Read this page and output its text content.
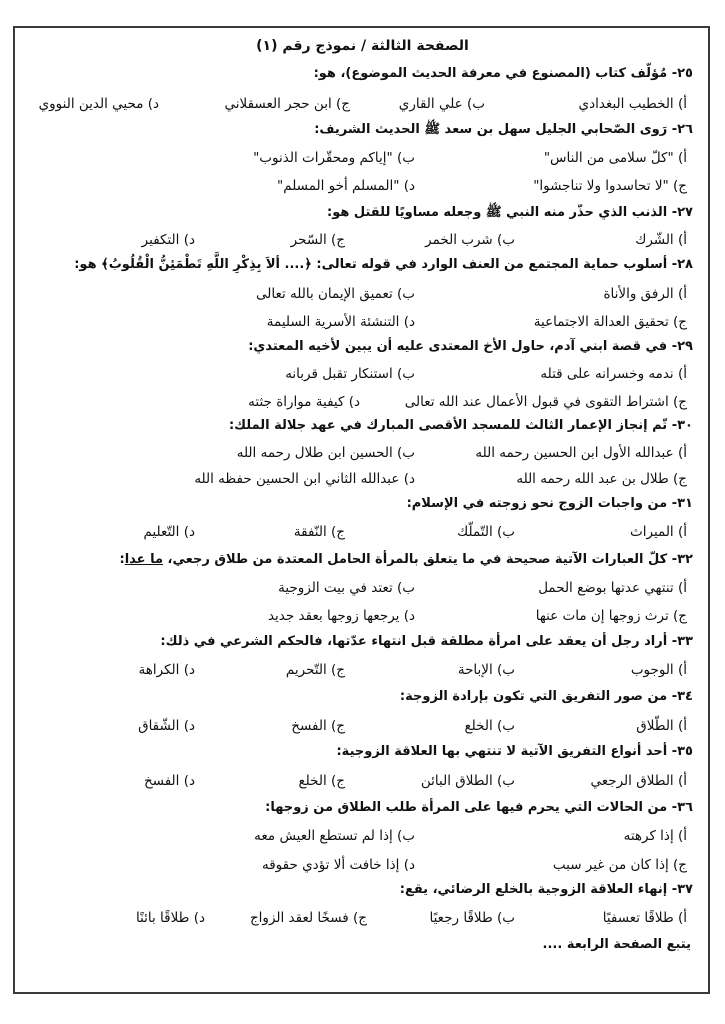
الصفحة الثالثة / نموذج رقم (١)
٢٥- مُؤلّف كتاب (المصنوع في معرفة الحديث الموضوع)، هو:
أ) الخطيب البغدادي
ب) علي القاري
ج) ابن حجر العسقلاني
د) محيي الدين النووي
٢٦- رَوى الصّحابي الجليل سهل بن سعد ﷺ الحديث الشريف:
أ) "كلّ سلامى من الناس"
ب) "إياكم ومحقّرات الذنوب"
ج) "لا تحاسدوا ولا تناجشوا"
د) "المسلم أخو المسلم"
٢٧- الذنب الذي حذّر منه النبي ﷺ وجعله مساويًا للقتل هو:
أ) الشّرك
ب) شرب الخمر
ج) السّحر
د) التكفير
٢٨- أسلوب حماية المجتمع من العنف الوارد في قوله تعالى: ﴿.... ألاَ بِذِكْرِ اللَّهِ تَطْمَئِنُّ الْقُلُوبُ﴾ هو:
أ) الرفق والأناة
ب) تعميق الإيمان بالله تعالى
ج) تحقيق العدالة الاجتماعية
د) التنشئة الأسرية السليمة
٢٩- في قصة ابني آدم، حاول الأخ المعتدى عليه أن يبين لأخيه المعتدي:
أ) ندمه وخسرانه على قتله
ب) استنكار تقبل قربانه
ج) اشتراط التقوى في قبول الأعمال عند الله تعالى
د) كيفية مواراة جثته
٣٠- تّم إنجاز الإعمار الثالث للمسجد الأقصى المبارك في عهد جلالة الملك:
أ) عبدالله الأول ابن الحسين رحمه الله
ب) الحسين ابن طلال رحمه الله
ج) طلال بن عبد الله رحمه الله
د) عبدالله الثاني ابن الحسين حفظه الله
٣١- من واجبات الزوج نحو زوجته في الإسلام:
أ) الميراث
ب) التّملّك
ج) النّفقة
د) التّعليم
٣٢- كلّ العبارات الآتية صحيحة في ما يتعلق بالمرأة الحامل المعتدة من طلاق رجعي، ما عدا:
أ) تنتهي عدتها بوضع الحمل
ب) تعتد في بيت الزوجية
ج) ترث زوجها إن مات عنها
د) يرجعها زوجها بعقد جديد
٣٣- أراد رجل أن يعقد على امرأة مطلقة قبل انتهاء عدّتها، فالحكم الشرعي في ذلك:
أ) الوجوب
ب) الإباحة
ج) التّحريم
د) الكراهة
٣٤- من صور التفريق التي تكون بإرادة الزوجة:
أ) الطّلاق
ب) الخلع
ج) الفسخ
د) الشّقاق
٣٥- أحد أنواع التفريق الآتية لا تنتهي بها العلاقة الزوجية:
أ) الطلاق الرجعي
ب) الطلاق البائن
ج) الخلع
د) الفسخ
٣٦- من الحالات التي يحرم فيها على المرأة طلب الطلاق من زوجها:
أ) إذا كرهته
ب) إذا لم تستطع العيش معه
ج) إذا كان من غير سبب
د) إذا خافت ألا تؤدي حقوقه
٣٧- إنهاء العلاقة الزوجية بالخلع الرضائي، يقع:
أ) طلاقًا تعسفيًا
ب) طلاقًا رجعيًا
ج) فسخًا لعقد الزواج
د) طلاقًا بائنًا
يتبع الصفحة الرابعة ....
